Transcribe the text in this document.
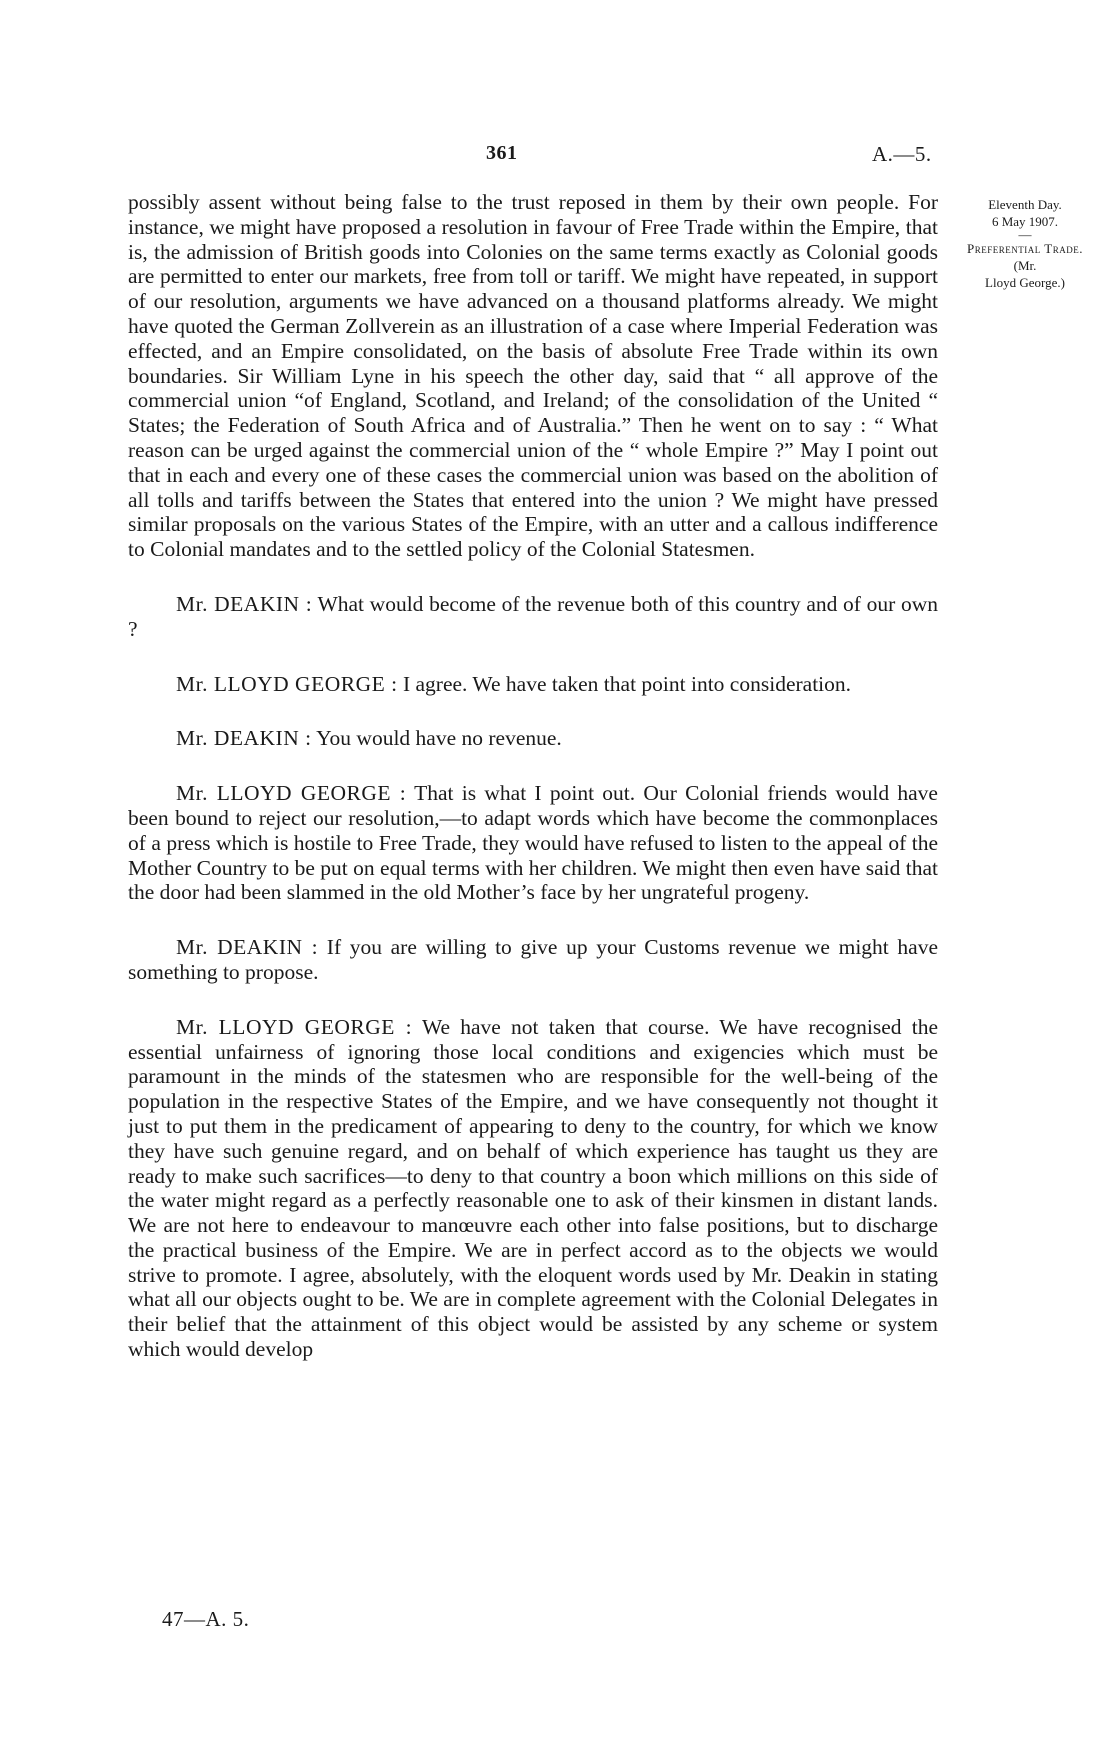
361	A.—5.
Eleventh Day.
6 May 1907.
—
Preferential Trade.
(Mr.
Lloyd George.)

possibly assent without being false to the trust reposed in them by their own people. For instance, we might have proposed a resolution in favour of Free Trade within the Empire, that is, the admission of British goods into Colonies on the same terms exactly as Colonial goods are permitted to enter our markets, free from toll or tariff. We might have repeated, in support of our resolution, arguments we have advanced on a thousand platforms already. We might have quoted the German Zollverein as an illustration of a case where Imperial Federation was effected, and an Empire consolidated, on the basis of absolute Free Trade within its own boundaries. Sir William Lyne in his speech the other day, said that “ all approve of the commercial union “of England, Scotland, and Ireland; of the consolidation of the United “ States; the Federation of South Africa and of Australia.” Then he went on to say : “ What reason can be urged against the commercial union of the “ whole Empire ?” May I point out that in each and every one of these cases the commercial union was based on the abolition of all tolls and tariffs between the States that entered into the union ? We might have pressed similar proposals on the various States of the Empire, with an utter and a callous indifference to Colonial mandates and to the settled policy of the Colonial Statesmen.

Mr. DEAKIN : What would become of the revenue both of this country and of our own ?

Mr. LLOYD GEORGE : I agree. We have taken that point into consideration.

Mr. DEAKIN : You would have no revenue.

Mr. LLOYD GEORGE : That is what I point out. Our Colonial friends would have been bound to reject our resolution,—to adapt words which have become the commonplaces of a press which is hostile to Free Trade, they would have refused to listen to the appeal of the Mother Country to be put on equal terms with her children. We might then even have said that the door had been slammed in the old Mother’s face by her ungrateful progeny.

Mr. DEAKIN : If you are willing to give up your Customs revenue we might have something to propose.

Mr. LLOYD GEORGE : We have not taken that course. We have recognised the essential unfairness of ignoring those local conditions and exigencies which must be paramount in the minds of the statesmen who are responsible for the well-being of the population in the respective States of the Empire, and we have consequently not thought it just to put them in the predicament of appearing to deny to the country, for which we know they have such genuine regard, and on behalf of which experience has taught us they are ready to make such sacrifices—to deny to that country a boon which millions on this side of the water might regard as a perfectly reasonable one to ask of their kinsmen in distant lands. We are not here to endeavour to manœuvre each other into false positions, but to discharge the practical business of the Empire. We are in perfect accord as to the objects we would strive to promote. I agree, absolutely, with the eloquent words used by Mr. Deakin in stating what all our objects ought to be. We are in complete agreement with the Colonial Delegates in their belief that the attainment of this object would be assisted by any scheme or system which would develop

47—A. 5.
